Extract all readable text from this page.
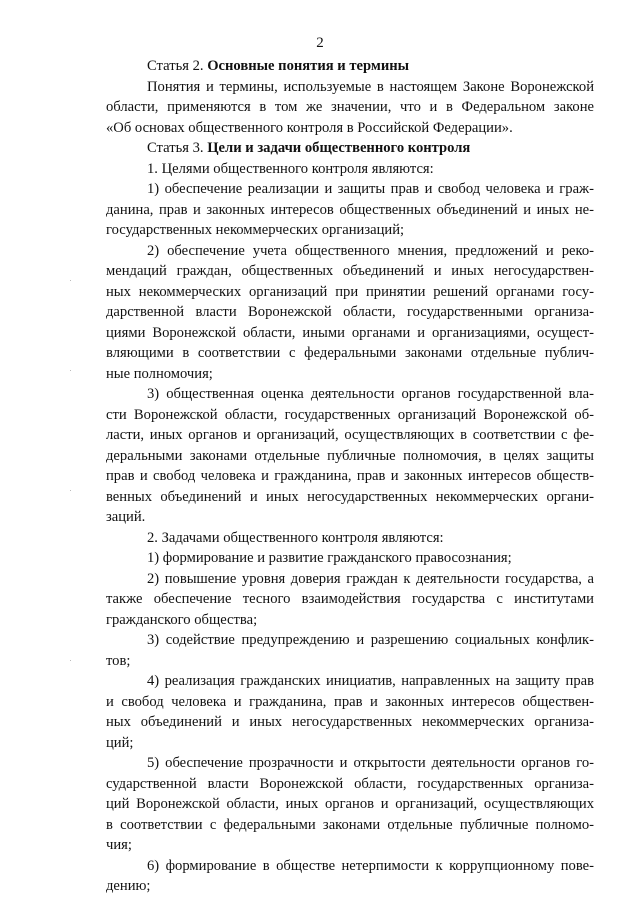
2
Статья 2. Основные понятия и термины
Понятия и термины, используемые в настоящем Законе Воронежской
области, применяются в том же значении, что и в Федеральном законе
«Об основах общественного контроля в Российской Федерации».
Статья 3. Цели и задачи общественного контроля
1. Целями общественного контроля являются:
1) обеспечение реализации и защиты прав и свобод человека и граж-
данина, прав и законных интересов общественных объединений и иных не-
государственных некоммерческих организаций;
2) обеспечение учета общественного мнения, предложений и реко-
мендаций граждан, общественных объединений и иных негосударствен-
ных некоммерческих организаций при принятии решений органами госу-
дарственной власти Воронежской области, государственными организа-
циями Воронежской области, иными органами и организациями, осущест-
вляющими в соответствии с федеральными законами отдельные публич-
ные полномочия;
3) общественная оценка деятельности органов государственной вла-
сти Воронежской области, государственных организаций Воронежской об-
ласти, иных органов и организаций, осуществляющих в соответствии с фе-
деральными законами отдельные публичные полномочия, в целях защиты
прав и свобод человека и гражданина, прав и законных интересов обществ-
венных объединений и иных негосударственных некоммерческих органи-
заций.
2. Задачами общественного контроля являются:
1) формирование и развитие гражданского правосознания;
2) повышение уровня доверия граждан к деятельности государства, а
также обеспечение тесного взаимодействия государства с институтами
гражданского общества;
3) содействие предупреждению и разрешению социальных конфлик-
тов;
4) реализация гражданских инициатив, направленных на защиту прав
и свобод человека и гражданина, прав и законных интересов обществен-
ных объединений и иных негосударственных некоммерческих организа-
ций;
5) обеспечение прозрачности и открытости деятельности органов го-
сударственной власти Воронежской области, государственных организа-
ций Воронежской области, иных органов и организаций, осуществляющих
в соответствии с федеральными законами отдельные публичные полномо-
чия;
6) формирование в обществе нетерпимости к коррупционному пове-
дению;
